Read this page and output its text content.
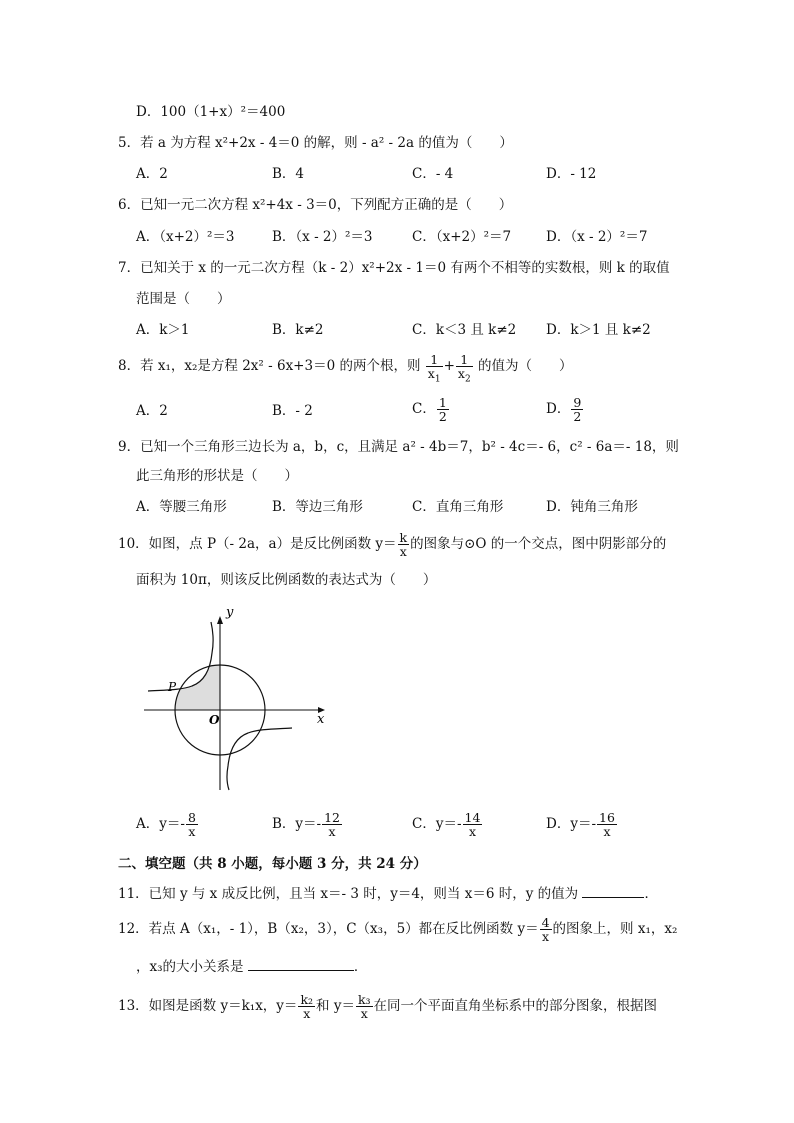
D．100（1+x）²＝400
5．若 a 为方程 x²+2x - 4＝0 的解，则 - a² - 2a 的值为（　　）
A．2	B．4	C．- 4	D．- 12
6．已知一元二次方程 x²+4x - 3＝0，下列配方正确的是（　　）
A．（x+2）²＝3	B．（x - 2）²＝3	C．（x+2）²＝7	D．（x - 2）²＝7
7．已知关于 x 的一元二次方程（k - 2）x²+2x - 1＝0 有两个不相等的实数根，则 k 的取值
范围是（　　）
A．k＞1	B．k≠2	C．k＜3 且 k≠2 D．k＞1 且 k≠2
8．若 x₁，x₂是方程 2x² - 6x+3＝0 的两个根，则 $\frac{1}{x_1} + \frac{1}{x_2}$ 的值为（　　）
A．2	B．- 2	C． $\frac{1}{2}$	D． $\frac{9}{2}$
9．已知一个三角形三边长为 a，b，c，且满足 a² - 4b＝7，b² - 4c＝- 6，c² - 6a＝- 18，则
此三角形的形状是（　　）
A．等腰三角形	B．等边三角形	C．直角三角形	D．钝角三角形
10．如图，点 P（- 2a，a）是反比例函数 $y= \frac{k}{x}$ 的图象与⊙O 的一个交点，图中阴影部分的
面积为 10π，则该反比例函数的表达式为（　　）
y
x
O
P
A．$y=- \frac{8}{x}$	B．$y=- \frac{12}{x}$	C．$y=- \frac{14}{x}$	D．$y=- \frac{16}{x}$
二、填空题（共 8 小题，每小题 3 分，共 24 分）
11．已知 y 与 x 成反比例，且当 x＝- 3 时，y＝4，则当 x＝6 时，y 的值为	．
12．若点 A（x₁，- 1），B（x₂，3），C（x₃，5）都在反比例函数 $y= \frac{4}{x}$ 的图象上，则 x₁，x₂
，x₃的大小关系是	．
13．如图是函数 y＝k₁x，$y= \frac{\text{k₂}}{x}$ 和 $y= \frac{\text{k₃}}{x}$ 在同一个平面直角坐标系中的部分图象，根据图
